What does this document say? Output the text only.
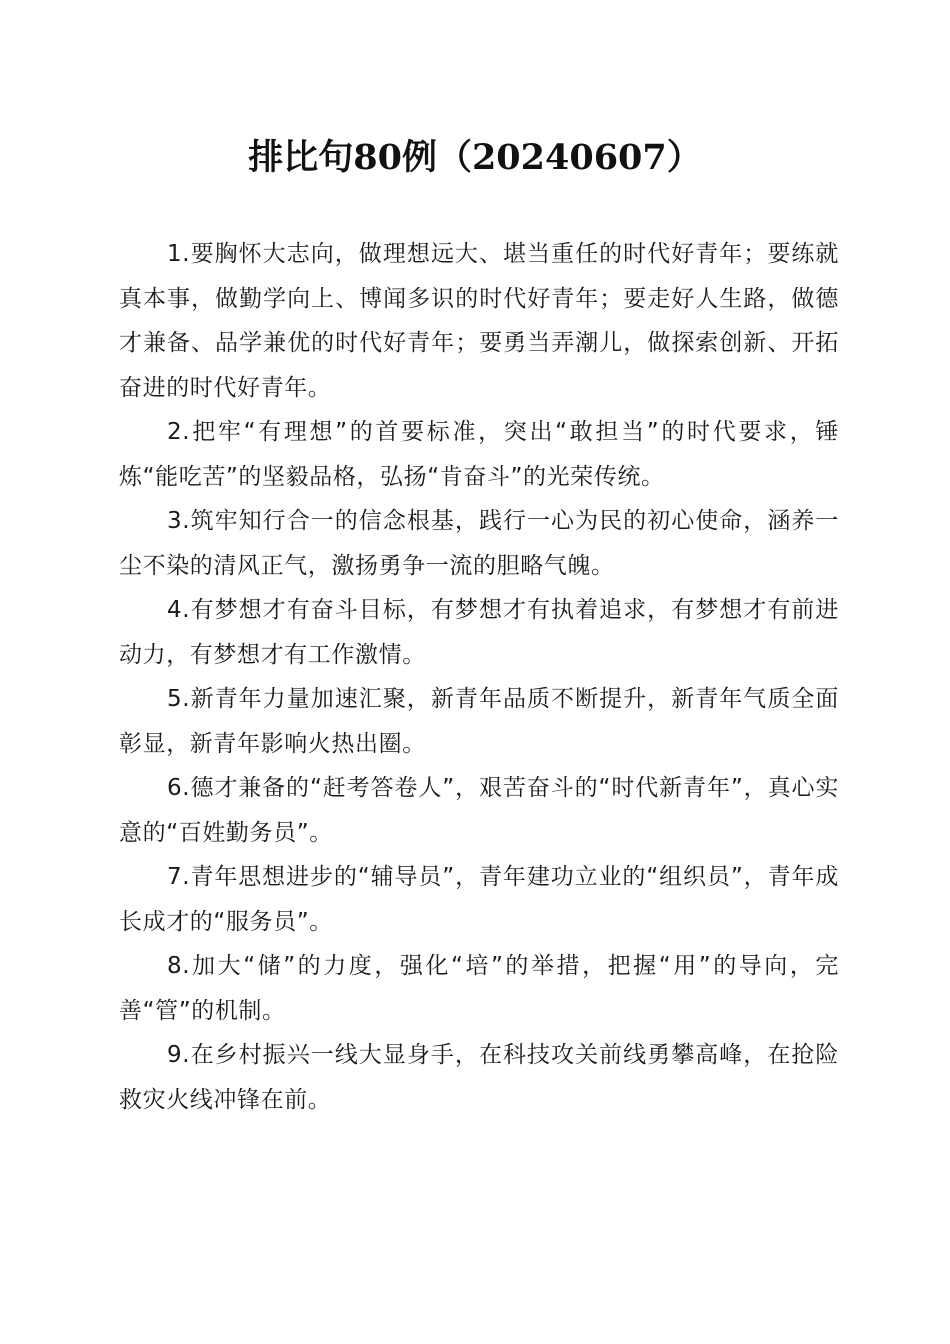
排比句80例（20240607）

1.要胸怀大志向，做理想远大、堪当重任的时代好青年；要练就真本事，做勤学向上、博闻多识的时代好青年；要走好人生路，做德才兼备、品学兼优的时代好青年；要勇当弄潮儿，做探索创新、开拓奋进的时代好青年。

2.把牢“有理想”的首要标准，突出“敢担当”的时代要求，锤炼“能吃苦”的坚毅品格，弘扬“肯奋斗”的光荣传统。

3.筑牢知行合一的信念根基，践行一心为民的初心使命，涵养一尘不染的清风正气，激扬勇争一流的胆略气魄。

4.有梦想才有奋斗目标，有梦想才有执着追求，有梦想才有前进动力，有梦想才有工作激情。

5.新青年力量加速汇聚，新青年品质不断提升，新青年气质全面彰显，新青年影响火热出圈。

6.德才兼备的“赶考答卷人”，艰苦奋斗的“时代新青年”，真心实意的“百姓勤务员”。

7.青年思想进步的“辅导员”，青年建功立业的“组织员”，青年成长成才的“服务员”。

8.加大“储”的力度，强化“培”的举措，把握“用”的导向，完善“管”的机制。

9.在乡村振兴一线大显身手，在科技攻关前线勇攀高峰，在抢险救灾火线冲锋在前。
